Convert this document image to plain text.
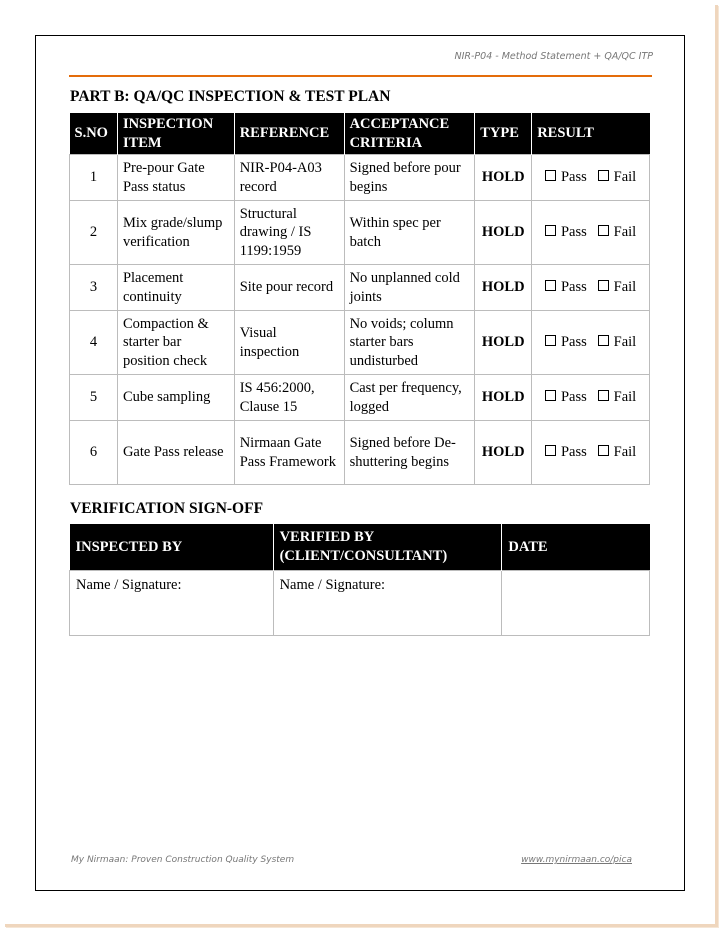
NIR-P04 - Method Statement + QA/QC ITP
PART B: QA/QC INSPECTION & TEST PLAN
S.NO	INSPECTION ITEM	REFERENCE	ACCEPTANCE CRITERIA	TYPE	RESULT
1	Pre-pour Gate Pass status	NIR-P04-A03 record	Signed before pour begins	HOLD	Pass Fail
2	Mix grade/slump verification	Structural drawing / IS 1199:1959	Within spec per batch	HOLD	Pass Fail
3	Placement continuity	Site pour record	No unplanned cold joints	HOLD	Pass Fail
4	Compaction & starter bar position check	Visual inspection	No voids; column starter bars undisturbed	HOLD	Pass Fail
5	Cube sampling	IS 456:2000, Clause 15	Cast per frequency, logged	HOLD	Pass Fail
6	Gate Pass release	Nirmaan Gate Pass Framework	Signed before De-shuttering begins	HOLD	Pass Fail
VERIFICATION SIGN-OFF
INSPECTED BY	VERIFIED BY (CLIENT/CONSULTANT)	DATE
Name / Signature:	Name / Signature:	
My Nirmaan: Proven Construction Quality System	www.mynirmaan.co/pica
